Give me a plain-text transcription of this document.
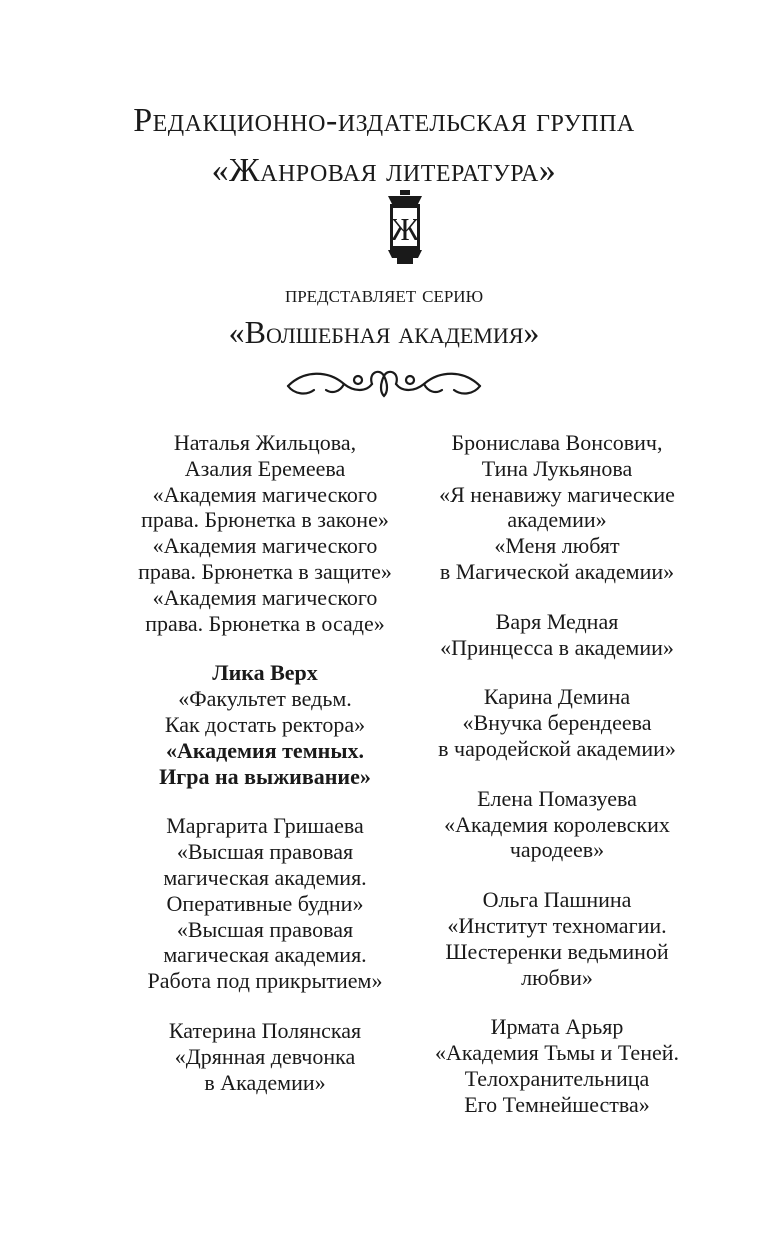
Редакционно-издательская группа
«Жанровая литература»
Ж

представляет серию

«Волшебная академия»

Наталья Жильцова,

Азалия Еремеева

«Академия магического

права. Брюнетка в законе»

«Академия магического

права. Брюнетка в защите»

«Академия магического

права. Брюнетка в осаде»

Лика Верх

«Факультет ведьм.

Как достать ректора»

«Академия темных.

Игра на выживание»

Маргарита Гришаева

«Высшая правовая

магическая академия.

Оперативные будни»

«Высшая правовая

магическая академия.

Работа под прикрытием»

Катерина Полянская

«Дрянная девчонка

в Академии»

Бронислава Вонсович,

Тина Лукьянова

«Я ненавижу магические

академии»

«Меня любят

в Магической академии»

Варя Медная

«Принцесса в академии»

Карина Демина

«Внучка берендеева

в чародейской академии»

Елена Помазуева

«Академия королевских

чародеев»

Ольга Пашнина

«Институт техномагии.

Шестеренки ведьминой

любви»

Ирмата Арьяр

«Академия Тьмы и Теней.

Телохранительница

Его Темнейшества»
